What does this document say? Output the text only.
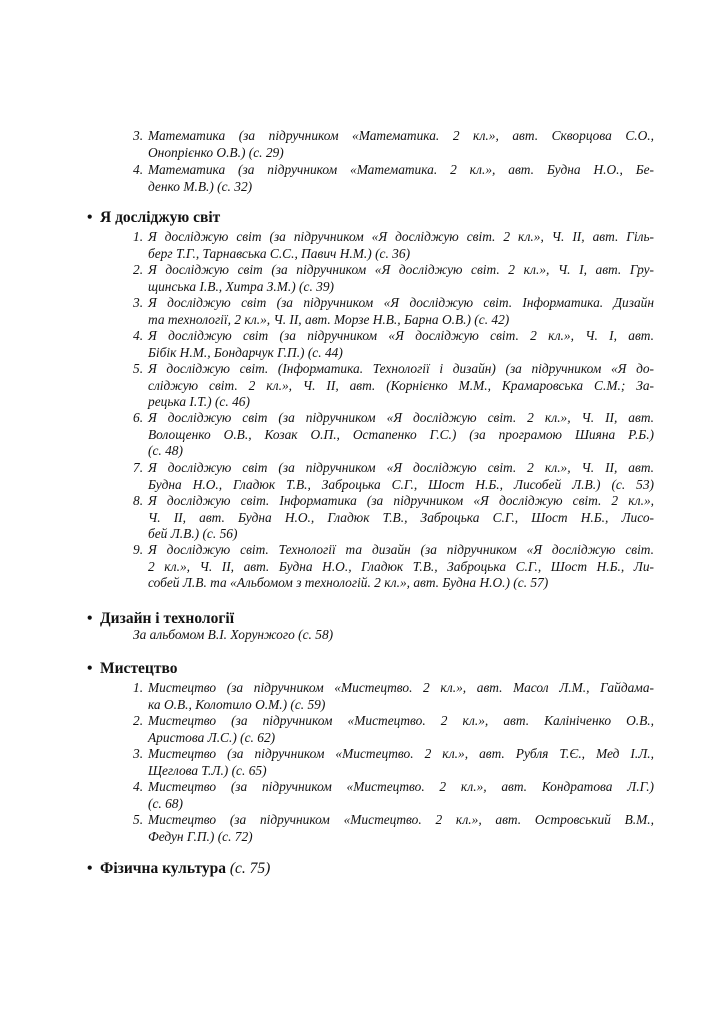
3. Математика (за підручником «Математика. 2 кл.», авт. Скворцова С.О.,
Онопрієнко О.В.) (с. 29)
4. Математика (за підручником «Математика. 2 кл.», авт. Будна Н.О., Бе-
денко М.В.) (с. 32)
• Я досліджую світ
1. Я досліджую світ (за підручником «Я досліджую світ. 2 кл.», Ч. ІІ, авт. Гіль-
берг Т.Г., Тарнавська С.С., Павич Н.М.) (с. 36)
2. Я досліджую світ (за підручником «Я досліджую світ. 2 кл.», Ч. І, авт. Гру-
щинська І.В., Хитра З.М.) (с. 39)
3. Я досліджую світ (за підручником «Я досліджую світ. Інформатика. Дизайн
та технології, 2 кл.», Ч. ІІ, авт. Морзе Н.В., Барна О.В.) (с. 42)
4. Я досліджую світ (за підручником «Я досліджую світ. 2 кл.», Ч. І, авт.
Бібік Н.М., Бондарчук Г.П.) (с. 44)
5. Я досліджую світ. (Інформатика. Технології і дизайн) (за підручником «Я до-
сліджую світ. 2 кл.», Ч. ІІ, авт. (Корнієнко М.М., Крамаровська С.М.; За-
рецька І.Т.) (с. 46)
6. Я досліджую світ (за підручником «Я досліджую світ. 2 кл.», Ч. ІІ, авт.
Волощенко О.В., Козак О.П., Остапенко Г.С.) (за програмою Шияна Р.Б.)
(с. 48)
7. Я досліджую світ (за підручником «Я досліджую світ. 2 кл.», Ч. ІІ, авт.
Будна Н.О., Гладюк Т.В., Заброцька С.Г., Шост Н.Б., Лисобей Л.В.) (с. 53)
8. Я досліджую світ. Інформатика (за підручником «Я досліджую світ. 2 кл.»,
Ч. ІІ, авт. Будна Н.О., Гладюк Т.В., Заброцька С.Г., Шост Н.Б., Лисо-
бей Л.В.) (с. 56)
9. Я досліджую світ. Технології та дизайн (за підручником «Я досліджую світ.
2 кл.», Ч. ІІ, авт. Будна Н.О., Гладюк Т.В., Заброцька С.Г., Шост Н.Б., Ли-
собей Л.В. та «Альбомом з технологій. 2 кл.», авт. Будна Н.О.) (с. 57)
• Дизайн і технології
За альбомом В.І. Хорунжого (с. 58)
• Мистецтво
1. Мистецтво (за підручником «Мистецтво. 2 кл.», авт. Масол Л.М., Гайдама-
ка О.В., Колотило О.М.) (с. 59)
2. Мистецтво (за підручником «Мистецтво. 2 кл.», авт. Калініченко О.В.,
Аристова Л.С.) (с. 62)
3. Мистецтво (за підручником «Мистецтво. 2 кл.», авт. Рубля Т.Є., Мед І.Л.,
Щеглова Т.Л.) (с. 65)
4. Мистецтво (за підручником «Мистецтво. 2 кл.», авт. Кондратова Л.Г.)
(с. 68)
5. Мистецтво (за підручником «Мистецтво. 2 кл.», авт. Островський В.М.,
Федун Г.П.) (с. 72)
• Фізична культура (с. 75)
